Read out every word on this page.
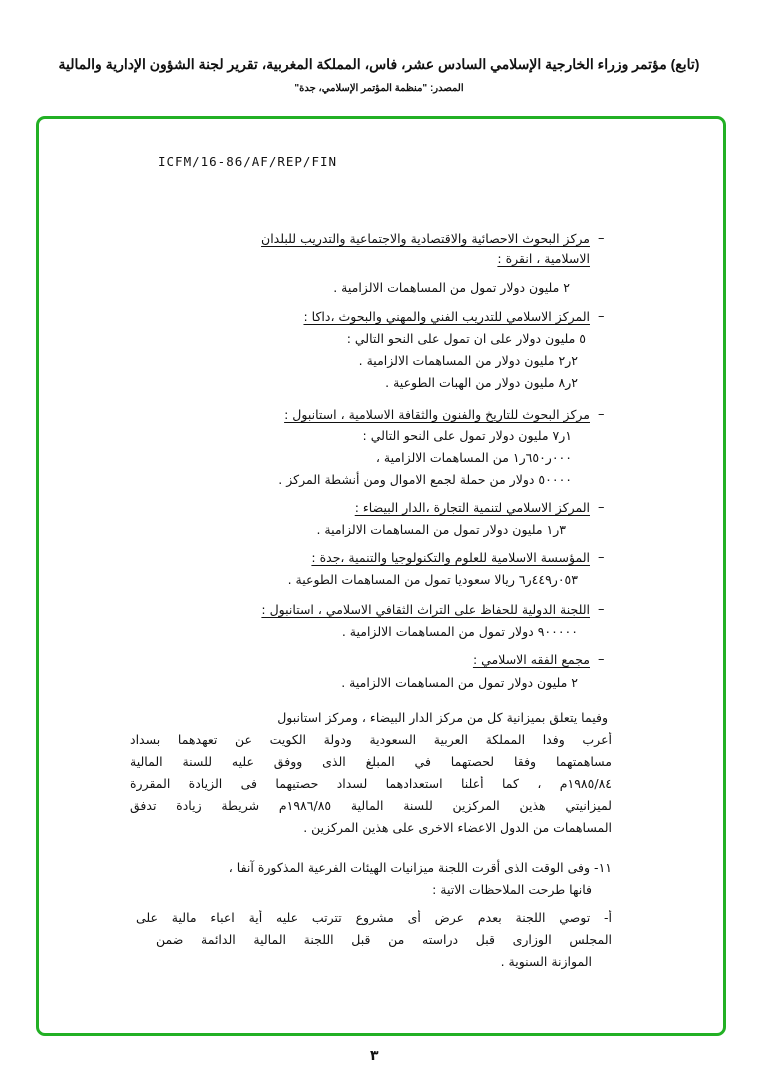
(تابع) مؤتمر وزراء الخارجية الإسلامي السادس عشر، فاس، المملكة المغربية، تقرير لجنة الشؤون الإدارية والمالية
المصدر: "منظمة المؤتمر الإسلامي، جدة"
ICFM/16-86/AF/REP/FIN
–
مركز البحوث الاحصائية والاقتصادية والاجتماعية والتدريب للبلدان
الاسلامية ، انقرة :
٢ مليون دولار تمول من المساهمات الالزامية .
–
المركز الاسلامي للتدريب الفني والمهني والبحوث ،داكا :
٥ مليون دولار على ان تمول على النحو التالي :
٢ر٢ مليون دولار من المساهمات الالزامية .
٢ر٨ مليون دولار من الهبات الطوعية .
–
مركز البحوث للتاريخ والفنون والثقافة الاسلامية ، استانبول :
١ر٧ مليون دولار تمول على النحو التالي :
٠٠٠ر٦٥٠ر١ من المساهمات الالزامية ،
٥٠٠٠٠ دولار من حملة لجمع الاموال ومن أنشطة المركز .
–
المركز الاسلامي لتنمية التجارة ،الدار البيضاء :
٣ر١ مليون دولار تمول من المساهمات الالزامية .
–
المؤسسة الاسلامية للعلوم والتكنولوجيا والتنمية ،جدة :
٠٥٣ر٤٤٩ر٦ ريالا سعوديا تمول من المساهمات الطوعية .
–
اللجنة الدولية للحفاظ على التراث الثقافي الاسلامي ، استانبول :
٩٠٠٠٠٠ دولار تمول من المساهمات الالزامية .
–
مجمع الفقه الاسلامي :
٢ مليون دولار تمول من المساهمات الالزامية .
وفيما يتعلق بميزانية كل من مركز الدار البيضاء ، ومركز استانبول
أعرب وفدا المملكة العربية السعودية ودولة الكويت عن تعهدهما بسداد
مساهمتهما وفقا لحصتهما في المبلغ الذى ووفق عليه للسنة المالية
١٩٨٥/٨٤م ، كما أعلنا استعدادهما لسداد حصتيهما فى الزيادة المقررة
لميزانيتي هذين المركزين للسنة المالية ١٩٨٦/٨٥م شريطة زيادة تدفق
المساهمات من الدول الاعضاء الاخرى على هذين المركزين .
١١- وفى الوقت الذى أقرت اللجنة ميزانيات الهيئات الفرعية المذكورة آنفا ،
فانها طرحت الملاحظات الاتية :
أ- توصي اللجنة بعدم عرض أى مشروع تترتب عليه أية اعباء مالية على
المجلس الوزارى قبل دراسته من قبل اللجنة المالية الدائمة ضمن
الموازنة السنوية .
٣
